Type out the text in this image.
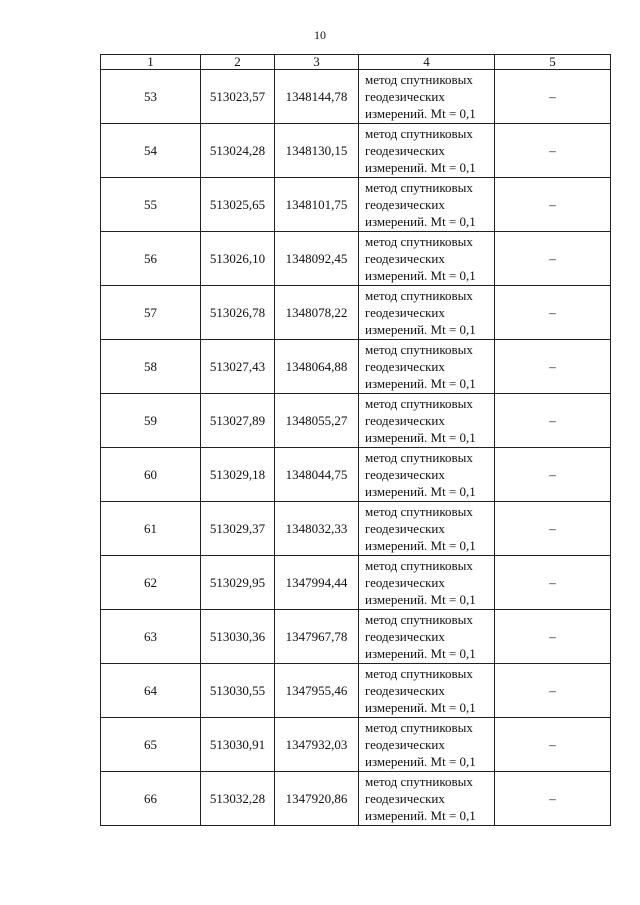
10
1	2	3	4	5
53	513023,57	1348144,78	метод спутниковых
геодезических
измерений. Mt = 0,1	–
54	513024,28	1348130,15	метод спутниковых
геодезических
измерений. Mt = 0,1	–
55	513025,65	1348101,75	метод спутниковых
геодезических
измерений. Mt = 0,1	–
56	513026,10	1348092,45	метод спутниковых
геодезических
измерений. Mt = 0,1	–
57	513026,78	1348078,22	метод спутниковых
геодезических
измерений. Mt = 0,1	–
58	513027,43	1348064,88	метод спутниковых
геодезических
измерений. Mt = 0,1	–
59	513027,89	1348055,27	метод спутниковых
геодезических
измерений. Mt = 0,1	–
60	513029,18	1348044,75	метод спутниковых
геодезических
измерений. Mt = 0,1	–
61	513029,37	1348032,33	метод спутниковых
геодезических
измерений. Mt = 0,1	–
62	513029,95	1347994,44	метод спутниковых
геодезических
измерений. Mt = 0,1	–
63	513030,36	1347967,78	метод спутниковых
геодезических
измерений. Mt = 0,1	–
64	513030,55	1347955,46	метод спутниковых
геодезических
измерений. Mt = 0,1	–
65	513030,91	1347932,03	метод спутниковых
геодезических
измерений. Mt = 0,1	–
66	513032,28	1347920,86	метод спутниковых
геодезических
измерений. Mt = 0,1	–
